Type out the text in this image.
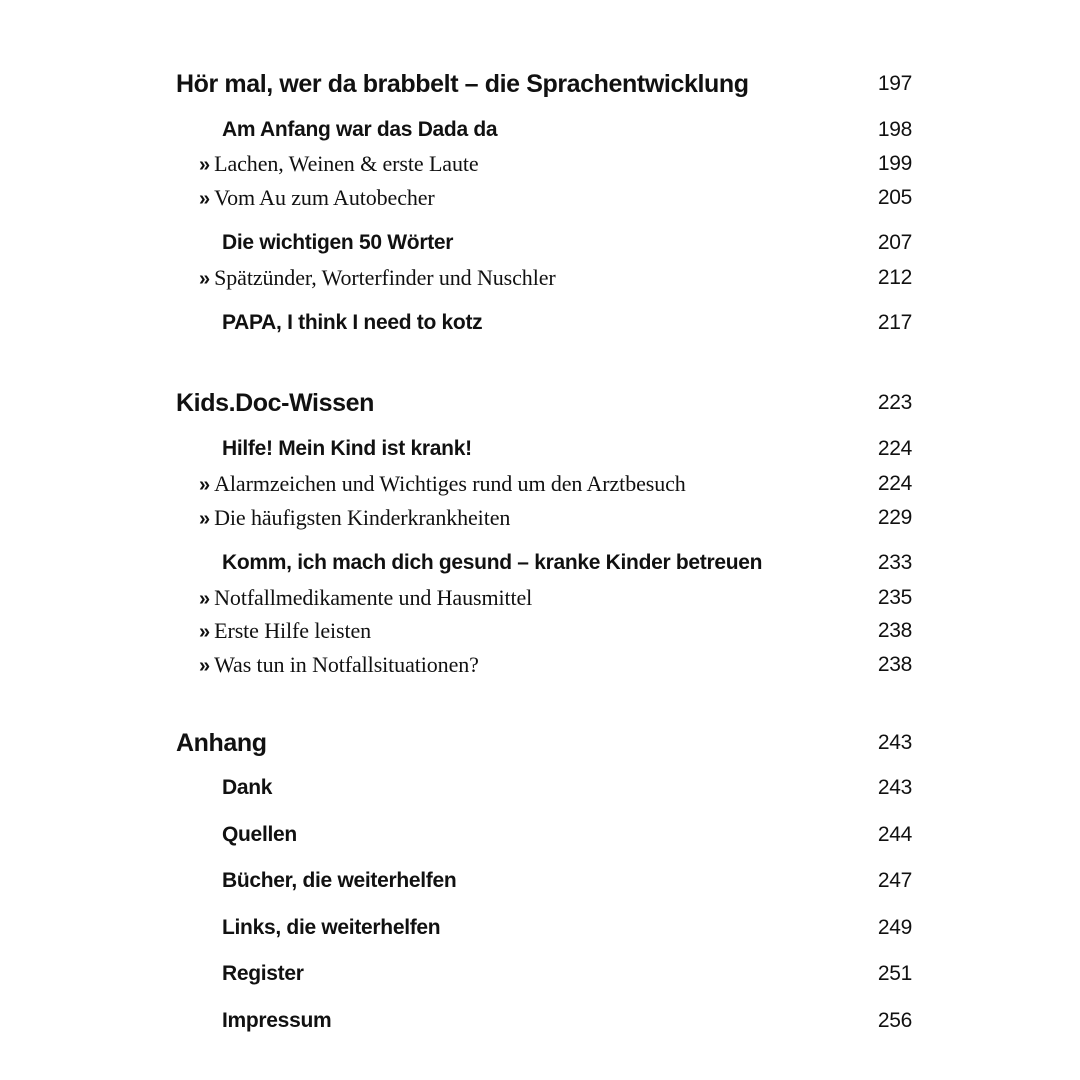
Hör mal, wer da brabbelt – die Sprachentwicklung	197
Am Anfang war das Dada da	198
» Lachen, Weinen & erste Laute	199
» Vom Au zum Autobecher	205
Die wichtigen 50 Wörter	207
» Spätzünder, Worterfinder und Nuschler	212
PAPA, I think I need to kotz	217
Kids.Doc-Wissen	223
Hilfe! Mein Kind ist krank!	224
» Alarmzeichen und Wichtiges rund um den Arztbesuch	224
» Die häufigsten Kinderkrankheiten	229
Komm, ich mach dich gesund – kranke Kinder betreuen	233
» Notfallmedikamente und Hausmittel	235
» Erste Hilfe leisten	238
» Was tun in Notfallsituationen?	238
Anhang	243
Dank	243
Quellen	244
Bücher, die weiterhelfen	247
Links, die weiterhelfen	249
Register	251
Impressum	256
